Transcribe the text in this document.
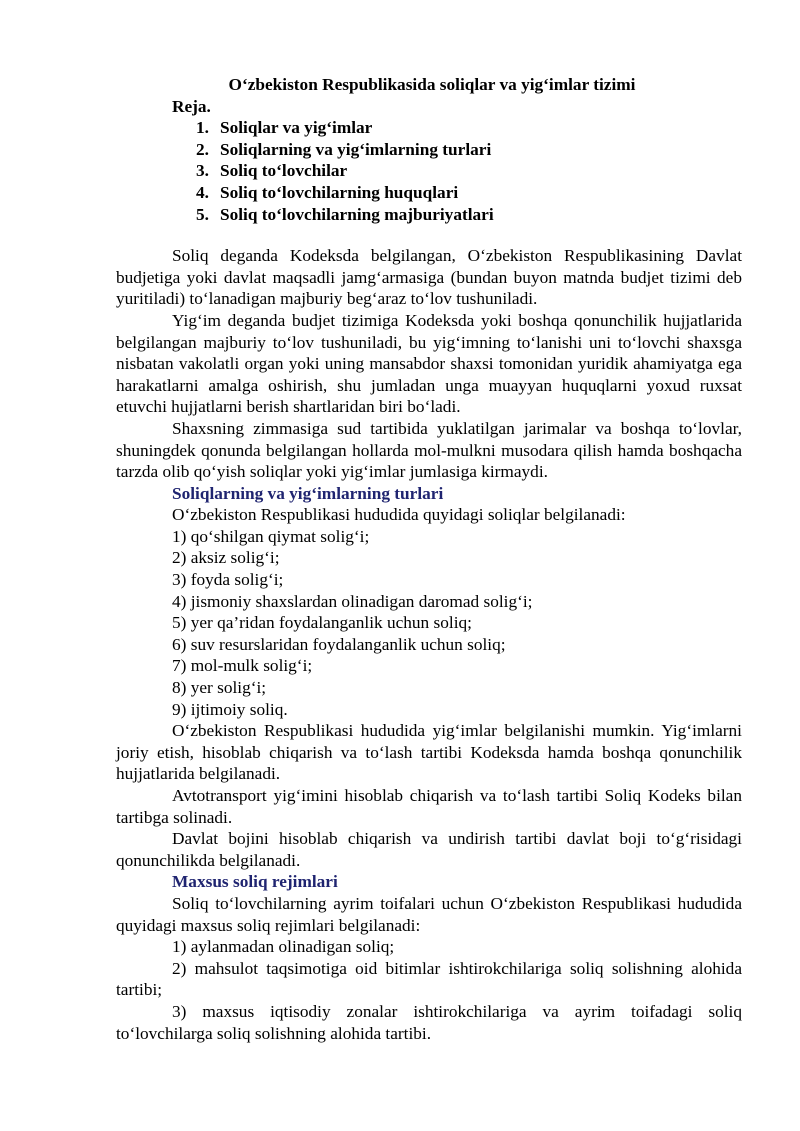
O‘zbekiston Respublikasida soliqlar va yig‘imlar tizimi

Reja.

1. Soliqlar va yig‘imlar
2. Soliqlarning va yig‘imlarning turlari
3. Soliq to‘lovchilar
4. Soliq to‘lovchilarning huquqlari
5. Soliq to‘lovchilarning majburiyatlari

Soliq deganda Kodeksda belgilangan, O‘zbekiston Respublikasining Davlat budjetiga yoki davlat maqsadli jamg‘armasiga (bundan buyon matnda budjet tizimi deb yuritiladi) to‘lanadigan majburiy beg‘araz to‘lov tushuniladi.

Yig‘im deganda budjet tizimiga Kodeksda yoki boshqa qonunchilik hujjatlarida belgilangan majburiy to‘lov tushuniladi, bu yig‘imning to‘lanishi uni to‘lovchi shaxsga nisbatan vakolatli organ yoki uning mansabdor shaxsi tomonidan yuridik ahamiyatga ega harakatlarni amalga oshirish, shu jumladan unga muayyan huquqlarni yoxud ruxsat etuvchi hujjatlarni berish shartlaridan biri bo‘ladi.

Shaxsning zimmasiga sud tartibida yuklatilgan jarimalar va boshqa to‘lovlar, shuningdek qonunda belgilangan hollarda mol-mulkni musodara qilish hamda boshqacha tarzda olib qo‘yish soliqlar yoki yig‘imlar jumlasiga kirmaydi.

Soliqlarning va yig‘imlarning turlari

O‘zbekiston Respublikasi hududida quyidagi soliqlar belgilanadi:

1) qo‘shilgan qiymat solig‘i;

2) aksiz solig‘i;

3) foyda solig‘i;

4) jismoniy shaxslardan olinadigan daromad solig‘i;

5) yer qa’ridan foydalanganlik uchun soliq;

6) suv resurslaridan foydalanganlik uchun soliq;

7) mol-mulk solig‘i;

8) yer solig‘i;

9) ijtimoiy soliq.

O‘zbekiston Respublikasi hududida yig‘imlar belgilanishi mumkin. Yig‘imlarni joriy etish, hisoblab chiqarish va to‘lash tartibi Kodeksda hamda boshqa qonunchilik hujjatlarida belgilanadi.

Avtotransport yig‘imini hisoblab chiqarish va to‘lash tartibi Soliq Kodeks bilan tartibga solinadi.

Davlat bojini hisoblab chiqarish va undirish tartibi davlat boji to‘g‘risidagi qonunchilikda belgilanadi.

Maxsus soliq rejimlari

Soliq to‘lovchilarning ayrim toifalari uchun O‘zbekiston Respublikasi hududida quyidagi maxsus soliq rejimlari belgilanadi:

1) aylanmadan olinadigan soliq;

2) mahsulot taqsimotiga oid bitimlar ishtirokchilariga soliq solishning alohida tartibi;

3) maxsus iqtisodiy zonalar ishtirokchilariga va ayrim toifadagi soliq to‘lovchilarga soliq solishning alohida tartibi.
